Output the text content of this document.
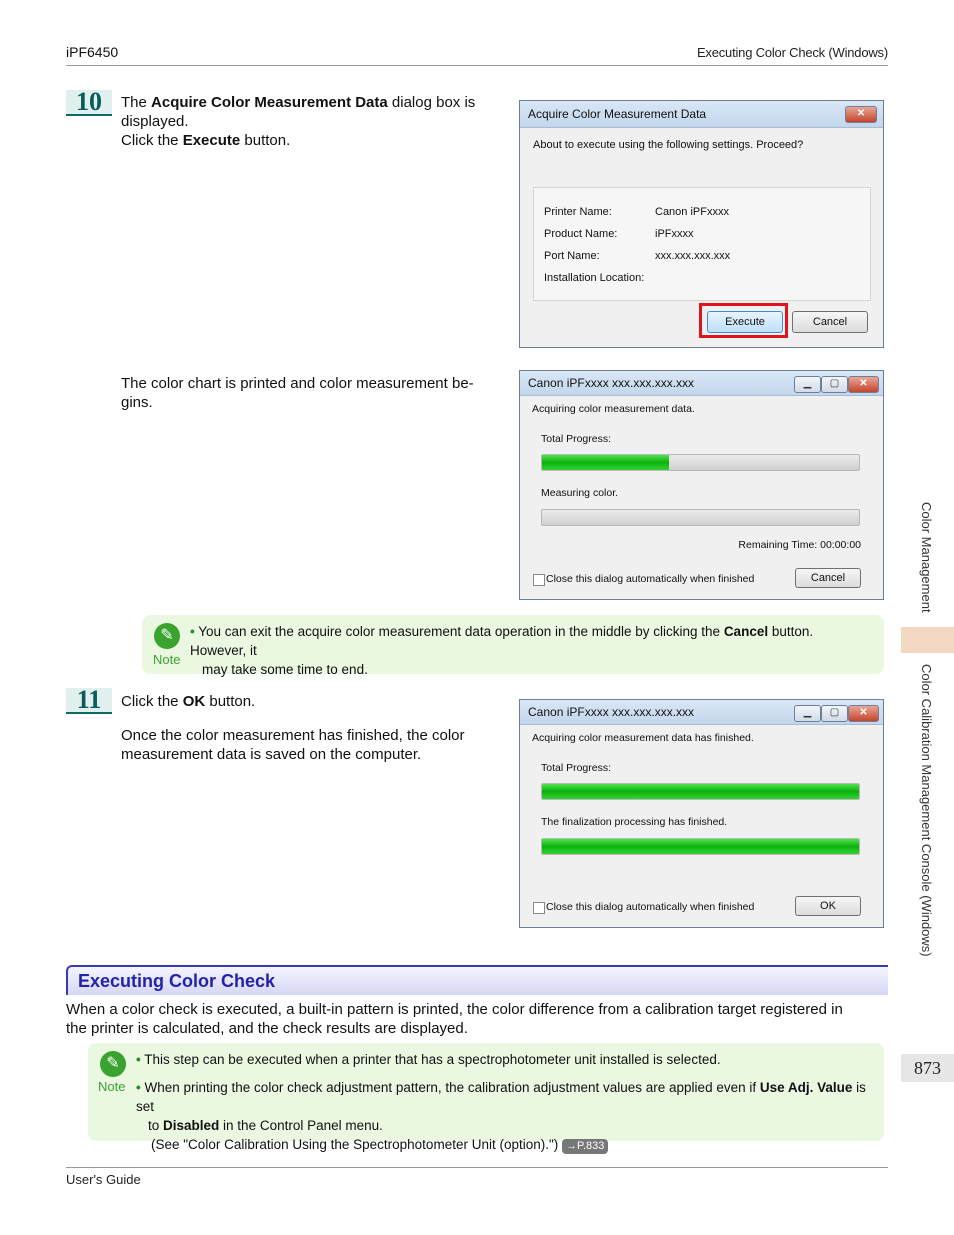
iPF6450	Executing Color Check (Windows)
10	The Acquire Color Measurement Data dialog box is
displayed.
Click the Execute button.
Acquire Color Measurement Data	✕
About to execute using the following settings. Proceed?
Printer Name:	Canon iPFxxxx
Product Name:	iPFxxxx
Port Name:	xxx.xxx.xxx.xxx
Installation Location:
Execute	Cancel
The color chart is printed and color measurement be-
gins.
Canon iPFxxxx xxx.xxx.xxx.xxx	▁	▢	✕
Acquiring color measurement data.
Total Progress:
Measuring color.
Remaining Time: 00:00:00
Close this dialog automatically when finished	Cancel
✎
Note
• You can exit the acquire color measurement data operation in the middle by clicking the Cancel button. However, it
may take some time to end.
11	Click the OK button.
Once the color measurement has finished, the color
measurement data is saved on the computer.
Canon iPFxxxx xxx.xxx.xxx.xxx	▁	▢	✕
Acquiring color measurement data has finished.
Total Progress:
The finalization processing has finished.
Close this dialog automatically when finished	OK
Executing Color Check
When a color check is executed, a built-in pattern is printed, the color difference from a calibration target registered in
the printer is calculated, and the check results are displayed.
✎
Note
• This step can be executed when a printer that has a spectrophotometer unit installed is selected.
• When printing the color check adjustment pattern, the calibration adjustment values are applied even if Use Adj. Value is set
to Disabled in the Control Panel menu.
(See "Color Calibration Using the Spectrophotometer Unit (option).") →P.833
Color Management
Color Calibration Management Console (Windows)
873
User's Guide
